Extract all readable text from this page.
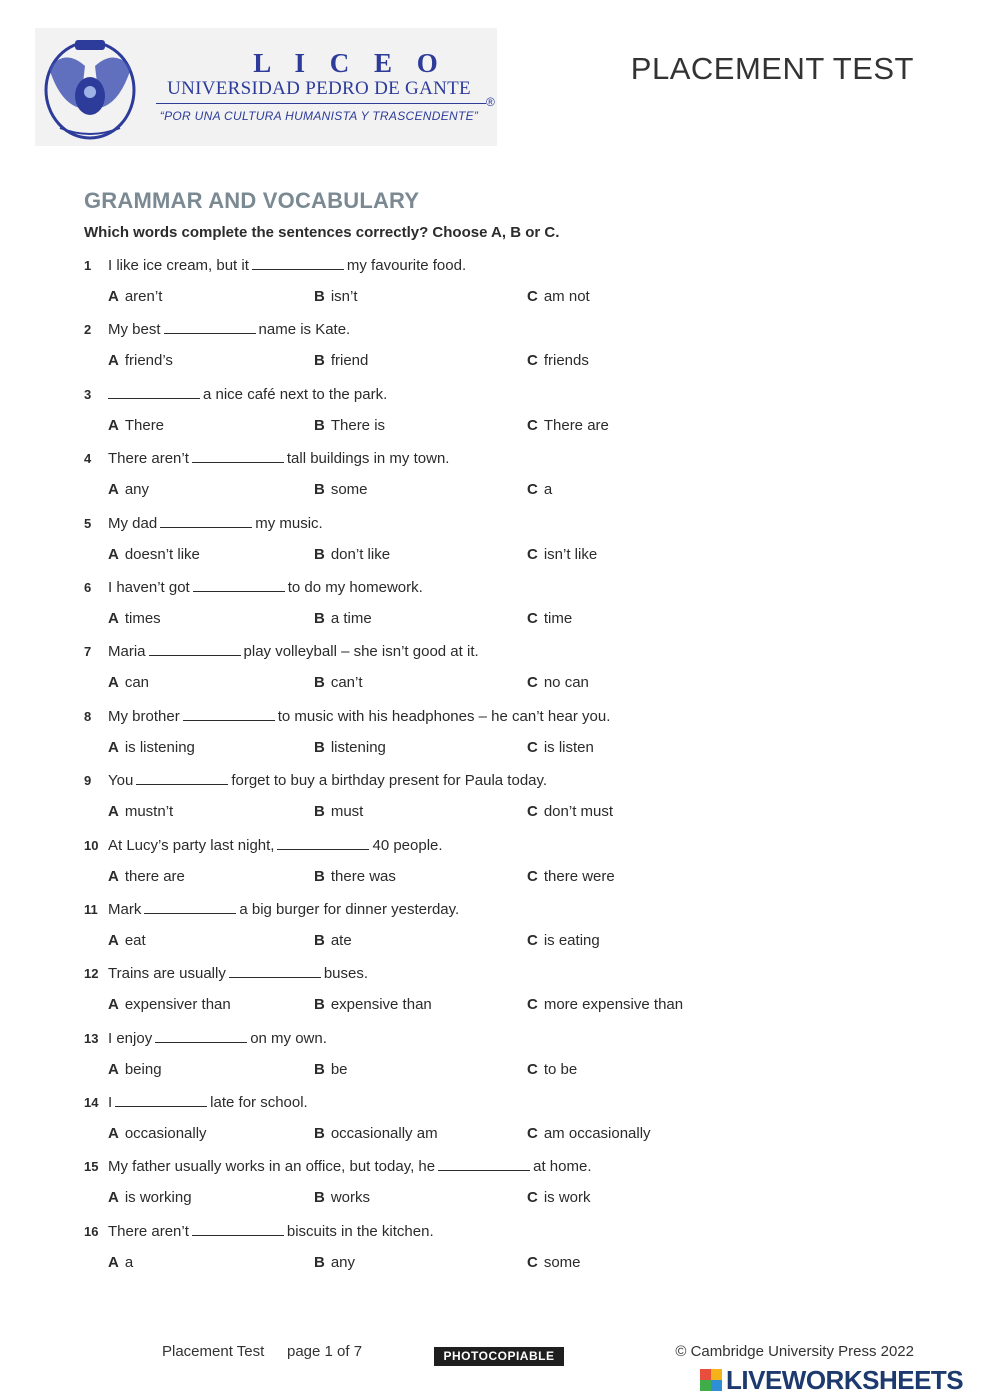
L I C E O
UNIVERSIDAD PEDRO DE GANTE
®
“POR UNA CULTURA HUMANISTA Y TRASCENDENTE”
PLACEMENT TEST
GRAMMAR AND VOCABULARY
Which words complete the sentences correctly? Choose A, B or C.
1 I like ice cream, but it	my favourite food.
A aren’t	B isn’t	C am not
2 My best	name is Kate.
A friend’s	B friend	C friends
3	a nice café next to the park.
A There	B There is	C There are
4 There aren’t	tall buildings in my town.
A any	B some	C a
5 My dad	my music.
A doesn’t like	B don’t like	C isn’t like
6 I haven’t got	to do my homework.
A times	B a time	C time
7 Maria	play volleyball – she isn’t good at it.
A can	B can’t	C no can
8 My brother	to music with his headphones – he can’t hear you.
A is listening	B listening	C is listen
9 You	forget to buy a birthday present for Paula today.
A mustn’t	B must	C don’t must
10 At Lucy’s party last night,	40 people.
A there are	B there was	C there were
11 Mark	a big burger for dinner yesterday.
A eat	B ate	C is eating
12 Trains are usually	buses.
A expensiver than	B expensive than	C more expensive than
13 I enjoy	on my own.
A being	B be	C to be
14 I	late for school.
A occasionally	B occasionally am	C am occasionally
15 My father usually works in an office, but today, he	at home.
A is working	B works	C is work
16 There aren’t	biscuits in the kitchen.
A a	B any	C some
Placement Test page 1 of 7	PHOTOCOPIABLE	© Cambridge University Press 2022
LIVEWORKSHEETS
